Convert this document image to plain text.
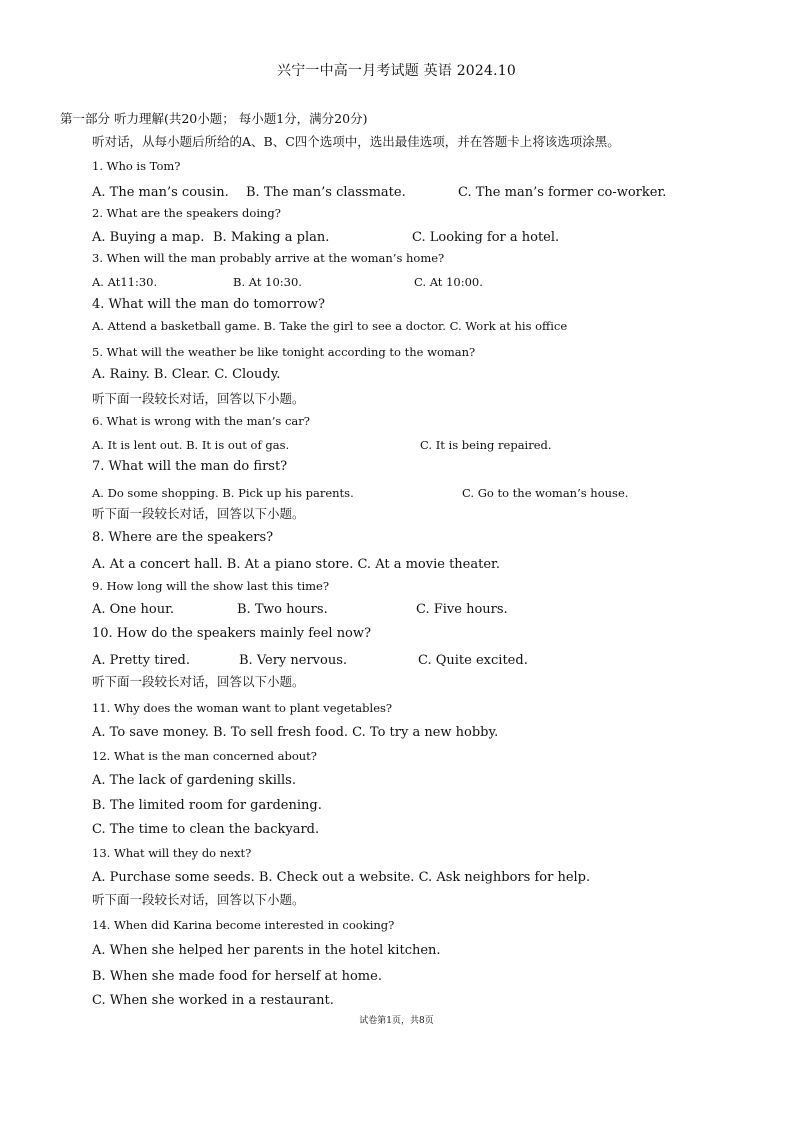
兴宁一中高一月考试题 英语 2024.10
第一部分 听力理解(共20小题； 每小题1分，满分20分)
听对话，从每小题后所给的A、B、C四个选项中，选出最佳选项，并在答题卡上将该选项涂黑。
1. Who is Tom?
A. The man’s cousin. B. The man’s classmate.	C. The man’s former co-worker.
2. What are the speakers doing?
A. Buying a map. B. Making a plan.	C. Looking for a hotel.
3. When will the man probably arrive at the woman’s home?
A. At11:30.	B. At 10:30.	C. At 10:00.
4. What will the man do tomorrow?
A. Attend a basketball game. B. Take the girl to see a doctor. C. Work at his office
5. What will the weather be like tonight according to the woman?
A. Rainy. B. Clear. C. Cloudy.
听下面一段较长对话，回答以下小题。
6. What is wrong with the man’s car?
A. It is lent out. B. It is out of gas.	C. It is being repaired.
7. What will the man do first?
A. Do some shopping. B. Pick up his parents.	C. Go to the woman’s house.
听下面一段较长对话，回答以下小题。
8. Where are the speakers?
A. At a concert hall. B. At a piano store. C. At a movie theater.
9. How long will the show last this time?
A. One hour.	B. Two hours.	C. Five hours.
10. How do the speakers mainly feel now?
A. Pretty tired.	B. Very nervous.	C. Quite excited.
听下面一段较长对话，回答以下小题。
11. Why does the woman want to plant vegetables?
A. To save money. B. To sell fresh food. C. To try a new hobby.
12. What is the man concerned about?
A. The lack of gardening skills.
B. The limited room for gardening.
C. The time to clean the backyard.
13. What will they do next?
A. Purchase some seeds. B. Check out a website. C. Ask neighbors for help.
听下面一段较长对话，回答以下小题。
14. When did Karina become interested in cooking?
A. When she helped her parents in the hotel kitchen.
B. When she made food for herself at home.
C. When she worked in a restaurant.
试卷第1页，共8页
